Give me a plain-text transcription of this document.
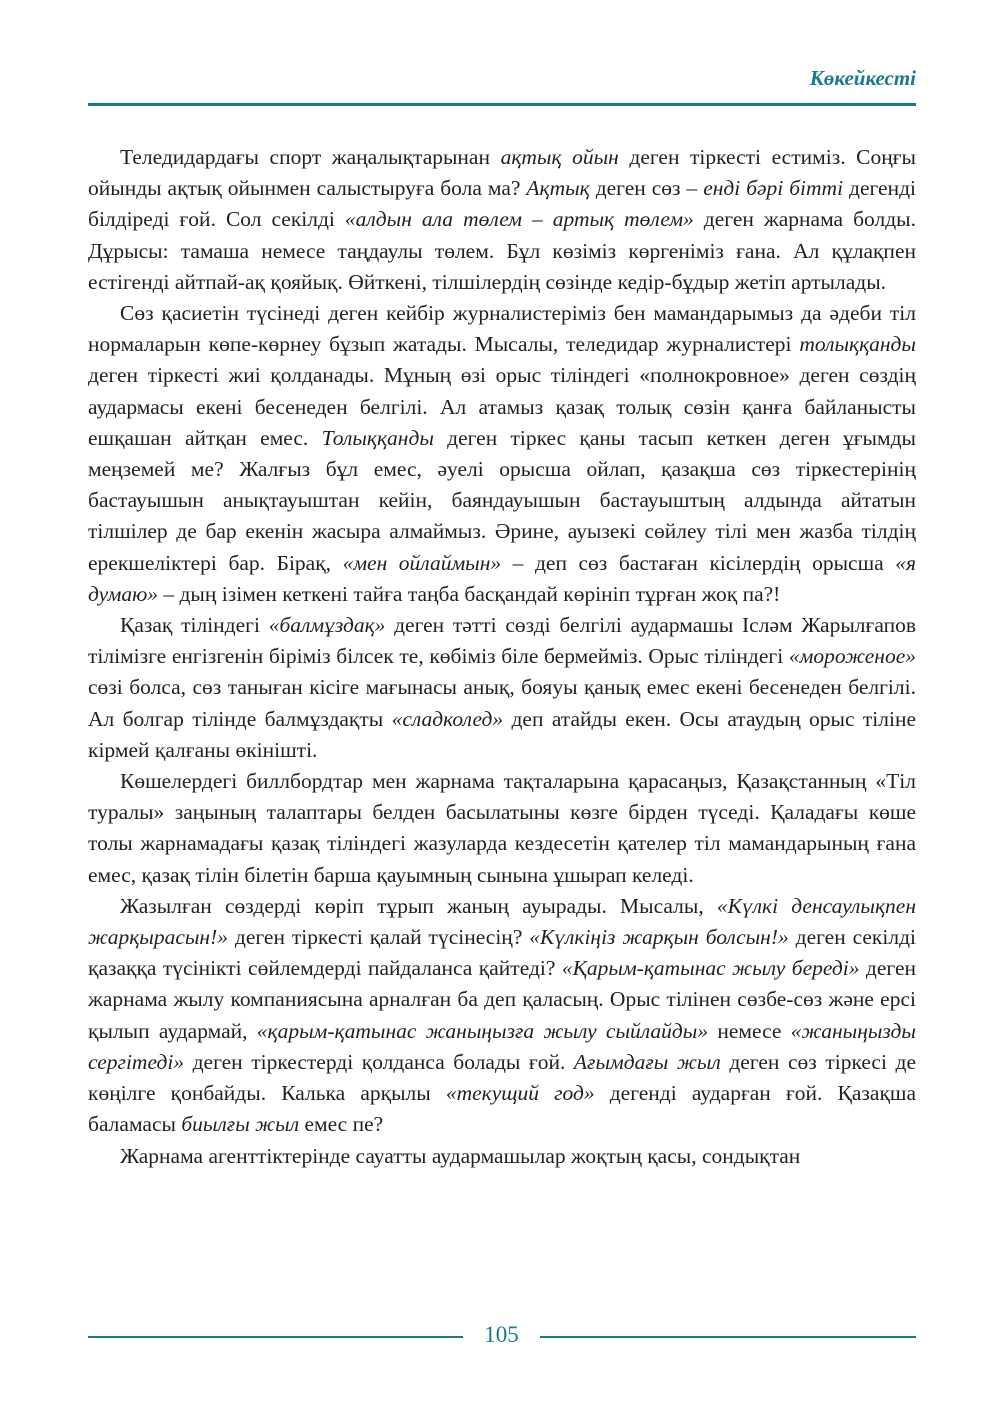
Көкейкесті

Теледидардағы спорт жаңалықтарынан ақтық ойын деген тіркесті естиміз. Соңғы ойынды ақтық ойынмен салыстыруға бола ма? Ақтық деген сөз – енді бәрі бітті дегенді білдіреді ғой. Сол секілді «алдын ала төлем – артық төлем» деген жарнама болды. Дұрысы: тамаша немесе таңдаулы төлем. Бұл көзіміз көргеніміз ғана. Ал құлақпен естігенді айтпай-ақ қояйық. Өйткені, тілшілердің сөзінде кедір-бұдыр жетіп артылады.

Сөз қасиетін түсінеді деген кейбір журналистеріміз бен мамандарымыз да әдеби тіл нормаларын көпе-көрнеу бұзып жатады. Мысалы, теледидар журналистері толыққанды деген тіркесті жиі қолданады. Мұның өзі орыс тіліндегі «полнокровное» деген сөздің аудармасы екені бесенеден белгілі. Ал атамыз қазақ толық сөзін қанға байланысты ешқашан айтқан емес. Толыққанды деген тіркес қаны тасып кеткен деген ұғымды меңземей ме? Жалғыз бұл емес, әуелі орысша ойлап, қазақша сөз тіркестерінің бастауышын анықтауыштан кейін, баяндауышын бастауыштың алдында айтатын тілшілер де бар екенін жасыра алмаймыз. Әрине, ауызекі сөйлеу тілі мен жазба тілдің ерекшеліктері бар. Бірақ, «мен ойлаймын» – деп сөз бастаған кісілердің орысша «я думаю» – дың ізімен кеткені тайға таңба басқандай көрініп тұрған жоқ па?!

Қазақ тіліндегі «балмұздақ» деген тәтті сөзді белгілі аудармашы Ісләм Жарылғапов тілімізге енгізгенін біріміз білсек те, көбіміз біле бермейміз. Орыс тіліндегі «мороженое» сөзі болса, сөз таныған кісіге мағынасы анық, бояуы қанық емес екені бесенеден белгілі. Ал болгар тілінде балмұздақты «сладколед» деп атайды екен. Осы атаудың орыс тіліне кірмей қалғаны өкінішті.

Көшелердегі биллбордтар мен жарнама тақталарына қарасаңыз, Қазақстанның «Тіл туралы» заңының талаптары белден басылатыны көзге бірден түседі. Қаладағы көше толы жарнамадағы қазақ тіліндегі жазуларда кездесетін қателер тіл мамандарының ғана емес, қазақ тілін білетін барша қауымның сынына ұшырап келеді.

Жазылған сөздерді көріп тұрып жаның ауырады. Мысалы, «Күлкі денсаулықпен жарқырасын!» деген тіркесті қалай түсінесің? «Күлкіңіз жарқын болсын!» деген секілді қазаққа түсінікті сөйлемдерді пайдаланса қайтеді? «Қарым-қатынас жылу береді» деген жарнама жылу компаниясына арналған ба деп қаласың. Орыс тілінен сөзбе-сөз және ерсі қылып аудармай, «қарым-қатынас жаныңызға жылу сыйлайды» немесе «жаныңызды сергітеді» деген тіркестерді қолданса болады ғой. Ағымдағы жыл деген сөз тіркесі де көңілге қонбайды. Калька арқылы «текущий год» дегенді аударған ғой. Қазақша баламасы биылғы жыл емес пе?

Жарнама агенттіктерінде сауатты аудармашылар жоқтың қасы, сондықтан

105
